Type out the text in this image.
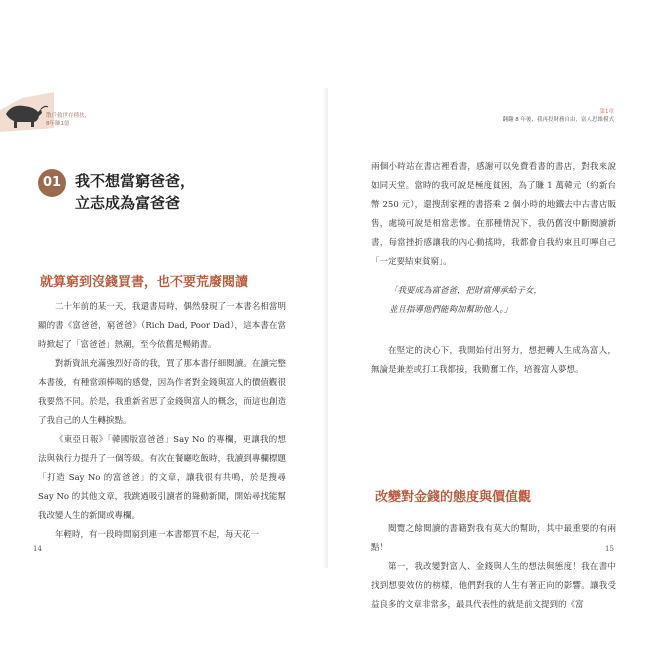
散戶救世存種扶，
8年賺1億
01 我不想當窮爸爸，
立志成為富爸爸
就算窮到沒錢買書，也不要荒廢閱讀

二十年前的某一天，我還書局時，偶然發現了一本書名相當明顯的書《富爸爸，窮爸爸》（Rich Dad, Poor Dad），這本書在當時掀起了「富爸爸」熱潮，至今依舊是暢銷書。

對新資訊充滿強烈好奇的我，買了那本書仔細閱讀。在讀完整本書後，有種當頭棒喝的感覺，因為作者對金錢與富人的價值觀很我要然不同。於是，我重新省思了金錢與富人的概念，而這也創造了我自己的人生轉捩點。

《東亞日報》「韓國版富爸爸」Say No 的專欄，更讓我的想法與執行力提升了一個等級。有次在餐廳吃飯時，我讀到專欄標題「打造 Say No 的富爸爸」的文章，讓我很有共鳴，於是搜尋 Say No 的其他文章，我跳過吸引讀者的聳動新聞，開始尋找能幫我改變人生的新聞或專欄。

年輕時，有一段時間窮到連一本書都買不起，每天花一

14
第1章
翻翻 8 年後，我再投財務自由，富人思維模式

兩個小時站在書店裡看書，感謝可以免費看書的書店，對我來說如同天堂。當時的我可說是極度貧困，為了賺 1 萬韓元（約新台幣 250 元），還搜刮家裡的書搭乘 2 個小時的地鐵去中古書店販售，處境可說是相當悲慘。在那種情況下，我仍舊沒中斷閱讀新書，每當挫折感讓我的內心動搖時，我都會自我約束且叮嚀自己「一定要結束貧窮」。

「我要成為富爸爸，把財富傳承給子女，

並且指導他們能夠加幫助他人。」

在堅定的決心下，我開始付出努力，想把轉人生成為富人，無論是兼差或打工我都接，我勤奮工作，培養富人夢想。

改變對金錢的態度與價值觀

閱覽之餘閱讀的書籍對我有莫大的幫助，其中最重要的有兩點！

第一，我改變對富人、金錢與人生的想法與態度！我在書中找到想要效仿的榜樣，他們對我的人生有著正向的影響。讓我受益良多的文章非常多，最具代表性的就是前文提到的《富

15
